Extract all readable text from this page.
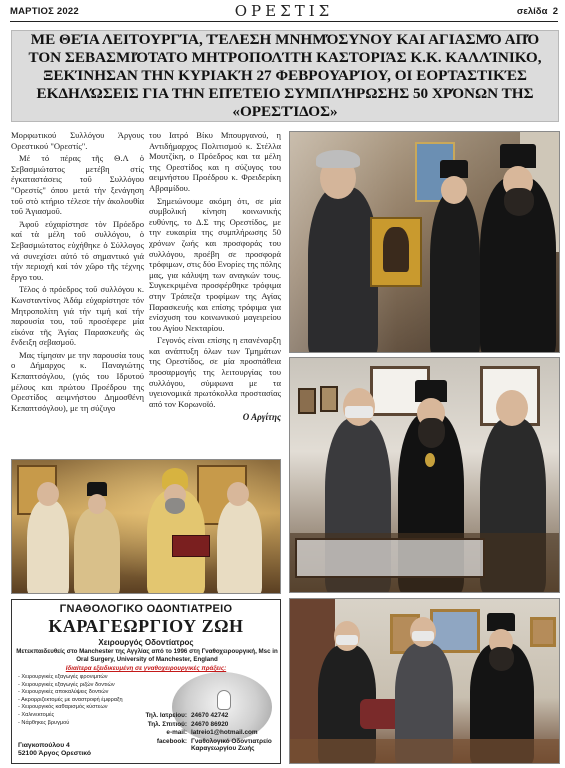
ΜΑΡΤΙΟΣ 2022	ΟΡΕΣΤΙΣ	σελίδα 2
ΜΕ ΘΕΊΑ ΛΕΙΤΟΥΡΓΊΑ, ΤΈΛΕΣΗ ΜΝΗΜΌΣΥΝΟΥ ΚΑΙ ΑΓΙΑΣΜΌ ΑΠΌ ΤΟΝ ΣΕΒΑΣΜΙΌΤΑΤΟ ΜΗΤΡΟΠΟΛΊΤΗ ΚΑΣΤΟΡΙΆΣ Κ.Κ. ΚΑΛΛΊΝΙΚΟ, ΞΕΚΊΝΗΣΑΝ ΤΗΝ ΚΥΡΙΑΚΉ 27 ΦΕΒΡΟΥΑΡΊΟΥ, ΟΙ ΕΟΡΤΑΣΤΙΚΈΣ ΕΚΔΗΛΏΣΕΙΣ ΓΙΑ ΤΗΝ ΕΠΈΤΕΙΟ ΣΥΜΠΛΉΡΩΣΗΣ 50 ΧΡΌΝΩΝ ΤΗΣ «ΟΡΕΣΤΊΔΟΣ»

Μορφωτικού Συλλόγου Άργους Ορεστικού "Ορεστίς".

Μέ τό πέρας τῆς Θ.Λ ὁ Σεβασμιώτατος μετέβη στίς ἐγκαταστάσεις τοῦ Συλλόγου "Ορεστίς" όπου μετά τὴν ξενάγηση τοῦ στὸ κτήριο τέλεσε τὴν ἀκολουθία τοῦ Ἁγιασμοῦ.

Ἀφοῦ εὐχαρίστησε τὸν Πρόεδρο καί τὰ μέλη τοῦ συλλόγου, ὁ Σεβασμιώτατος εὐχήθηκε ὁ Σύλλογος νά συνεχίσει αὐτό τό σημαντικό γιά τήν περιοχή καί τόν χῶρο τῆς τέχνης ἔργο του.

Τέλος ὁ πρόεδρος τοῦ συλλόγου κ. Κωνσταντίνος Ἀδάμ εὐχαρίστησε τόν Μητροπολίτη γιά τήν τιμή καί τήν παρουσία του, τοῦ προσέφερε μία εἰκόνα τῆς Ἁγίας Παρασκευῆς ὡς ἔνδειξη σεβασμοῦ.

Μας τίμησαν με την παρουσία τους ο Δήμαρχος κ. Παναγιώτης Κεπαπτσόγλου, (γιός του Ιδρυτού μέλους και πρώτου Προέδρου της Ορεστίδος αειμνήστου Δημοσθένη Κεπαπτσόγλου), με τη σύζυγο

του Ιατρό Βίκυ Μπουργανού, η Αντιδήμαρχος Πολιτισμού κ. Στέλλα Μουτζίκη, ο Πρόεδρος και τα μέλη της Ορεστίδος και η σύζυγος του αειμνήστου Προέδρου κ. Φρειδερίκη Αβραμίδου.

Σημειώνουμε ακόμη ότι, σε μία συμβολική κίνηση κοινωνικής ευθύνης, το Δ.Σ της Ορεστίδος, με την ευκαιρία της συμπλήρωσης 50 χρόνων ζωής και προσφοράς του συλλόγου, προέβη σε προσφορά τρόφιμων, στις δύο Ενορίες της πόλης μας, για κάλυψη των αναγκών τους. Συγκεκριμένα προσφέρθηκε τρόφιμα στην Τράπεζα τροφίμων της Αγίας Παρασκευής και επίσης τρόφιμα για ενίσχυση του κοινωνικού μαγειρείου του Αγίου Νεκταρίου.

Γεγονός είναι επίσης η επανέναρξη και ανάπτυξη όλων των Τμημάτων της Ορεστίδος, σε μία προσπάθεια προσαρμογής της λειτουργίας του συλλόγου, σύμφωνα με τα υγειονομικά πρωτόκολλα προστασίας από τον Κορωνοϊό.

Ο Αργίτης
ΓΝΑΘΟΛΟΓΙΚΟ ΟΔΟΝΤΙΑΤΡΕΙΟ
ΚΑΡΑΓΕΩΡΓΙΟΥ ΖΩΗ
Χειρουργός Οδοντίατρος
Μετεκπαιδευθείς στο Manchester της Αγγλίας από το 1996 στη Γναθοχειρουργική, Msc in Oral Surgery, University of Manchester, England
Ιδιαίτερα εξειδικευμένη σε γναθοχειρουργικές πράξεις:
- Χειρουργικές εξαγωγές φρονιμιτών
- Χειρουργικές εξαγωγές ριζών δοντιών
- Χειρουργικές αποκαλύψεις δοντιών
- Ακρορριζεκτομές με αναστροφή έμφραξη
- Χειρουργικός καθαρισμός κύστεων
- Χαλινεκτομές
- Νάρθηκες βρυγμού
Τηλ. Ιατρείου: 24670 42742
Τηλ. Σπιτιού: 24670 86920
e-mail: latreio1@hotmail.com
facebook: Γναθολογικό Οδοντιατρείο Καραγεωργίου Ζωής
Γιαγκοπούλου 4
52100 Άργος Ορεστικό
